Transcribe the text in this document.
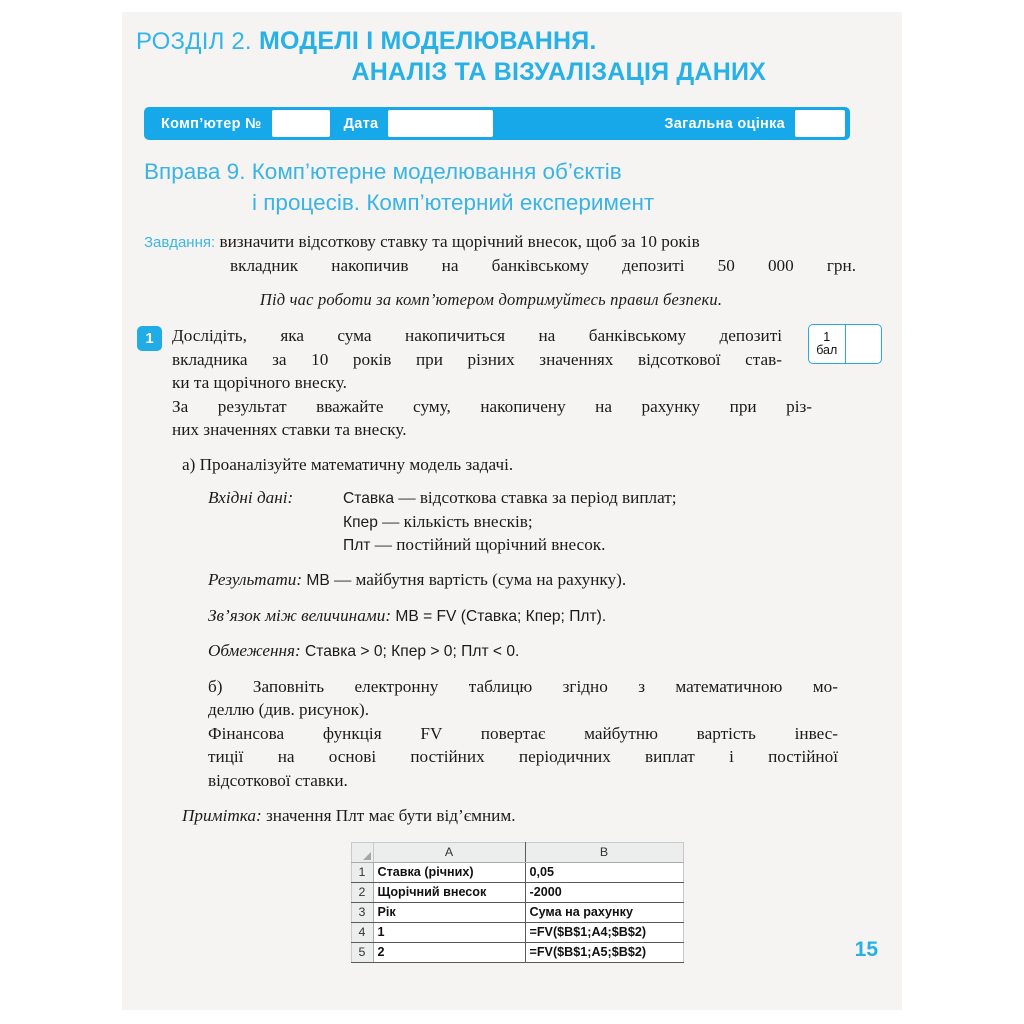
РОЗДІЛ 2. МОДЕЛІ І МОДЕЛЮВАННЯ.
АНАЛІЗ ТА ВІЗУАЛІЗАЦІЯ ДАНИХ
Комп’ютер №	Дата	Загальна оцінка
Вправа 9. Комп’ютерне моделювання об’єктів
і процесів. Комп’ютерний експеримент
Завдання: визначити відсоткову ставку та щорічний внесок, щоб за 10 років
вкладник накопичив на банківському депозиті 50 000 грн.
Під час роботи за комп’ютером дотримуйтесь правил безпеки.
1	1
бал
Дослідіть, яка сума накопичиться на банківському депозиті
вкладника за 10 років при різних значеннях відсоткової став-
ки та щорічного внеску.
За результат вважайте суму, накопичену на рахунку при різ-
них значеннях ставки та внеску.
а) Проаналізуйте математичну модель задачі.
Вхідні дані:	Ставка — відсоткова ставка за період виплат;
Кпер — кількість внесків;
Плт — постійний щорічний внесок.
Результати: МВ — майбутня вартість (сума на рахунку).
Зв’язок між величинами: МВ = FV (Ставка; Кпер; Плт).
Обмеження: Ставка > 0; Кпер > 0; Плт < 0.
б) Заповніть електронну таблицю згідно з математичною мо-
деллю (див. рисунок).
Фінансова функція FV повертає майбутню вартість інвес-
тиції на основі постійних періодичних виплат і постійної
відсоткової ставки.
Примітка: значення Плт має бути від’ємним.
	A	B
1	Ставка (річних)	0,05
2	Щорічний внесок	-2000
3	Рік	Сума на рахунку
4	1	=FV($B$1;A4;$B$2)
5	2	=FV($B$1;A5;$B$2)	15
